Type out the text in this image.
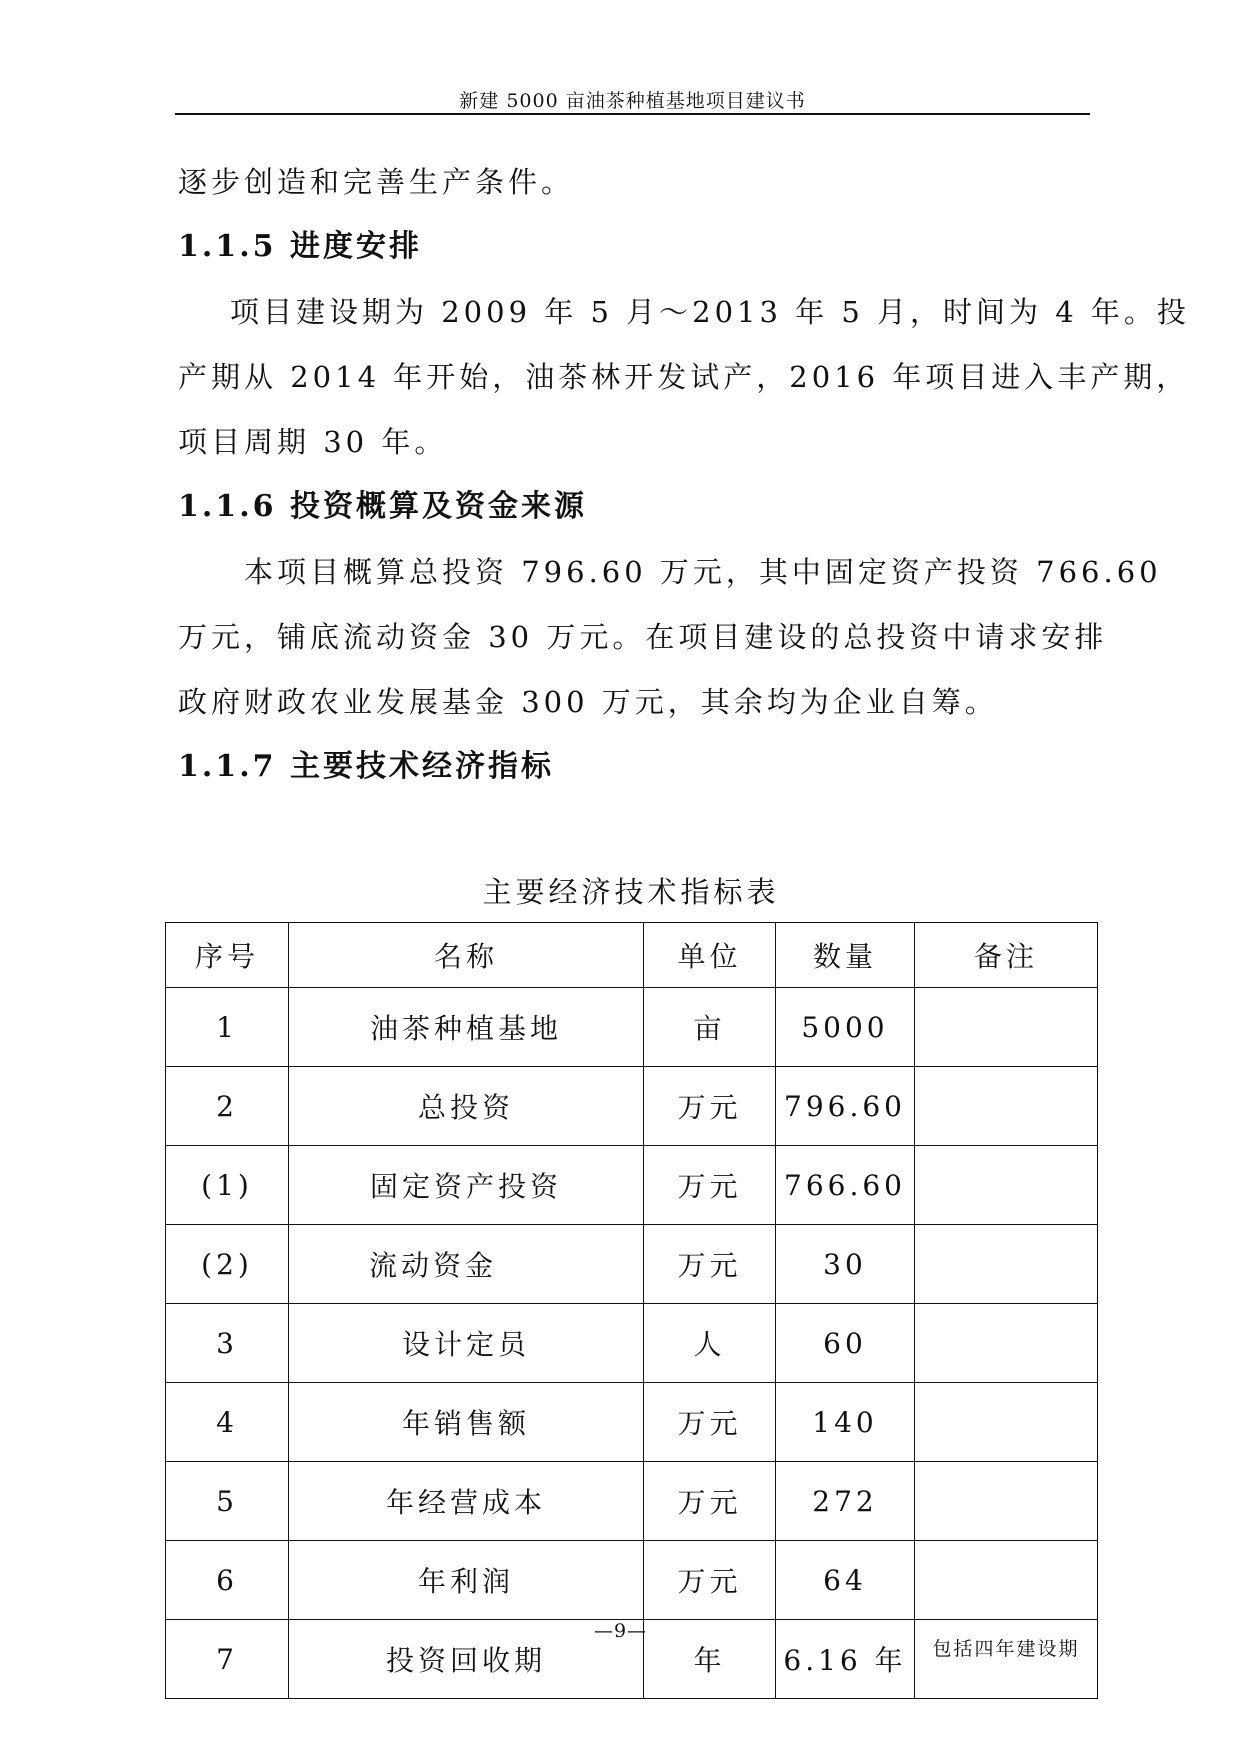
新建 5000 亩油茶种植基地项目建议书
逐步创造和完善生产条件。
1.1.5 进度安排
项目建设期为 2009 年 5 月～2013 年 5 月，时间为 4 年。投
产期从 2014 年开始，油茶林开发试产，2016 年项目进入丰产期，
项目周期 30 年。
1.1.6 投资概算及资金来源
本项目概算总投资 796.60 万元，其中固定资产投资 766.60
万元，铺底流动资金 30 万元。在项目建设的总投资中请求安排
政府财政农业发展基金 300 万元，其余均为企业自筹。
1.1.7 主要技术经济指标
主要经济技术指标表
序号	名称	单位	数量	备注
1	油茶种植基地	亩	5000	
2	总投资	万元	796.60	
(1)	固定资产投资	万元	766.60	
(2)	流动资金	万元	30	
3	设计定员	人	60	
4	年销售额	万元	140	
5	年经营成本	万元	272	
6	年利润	万元	64	
7	投资回收期	年	6.16 年	包括四年建设期
—9—
